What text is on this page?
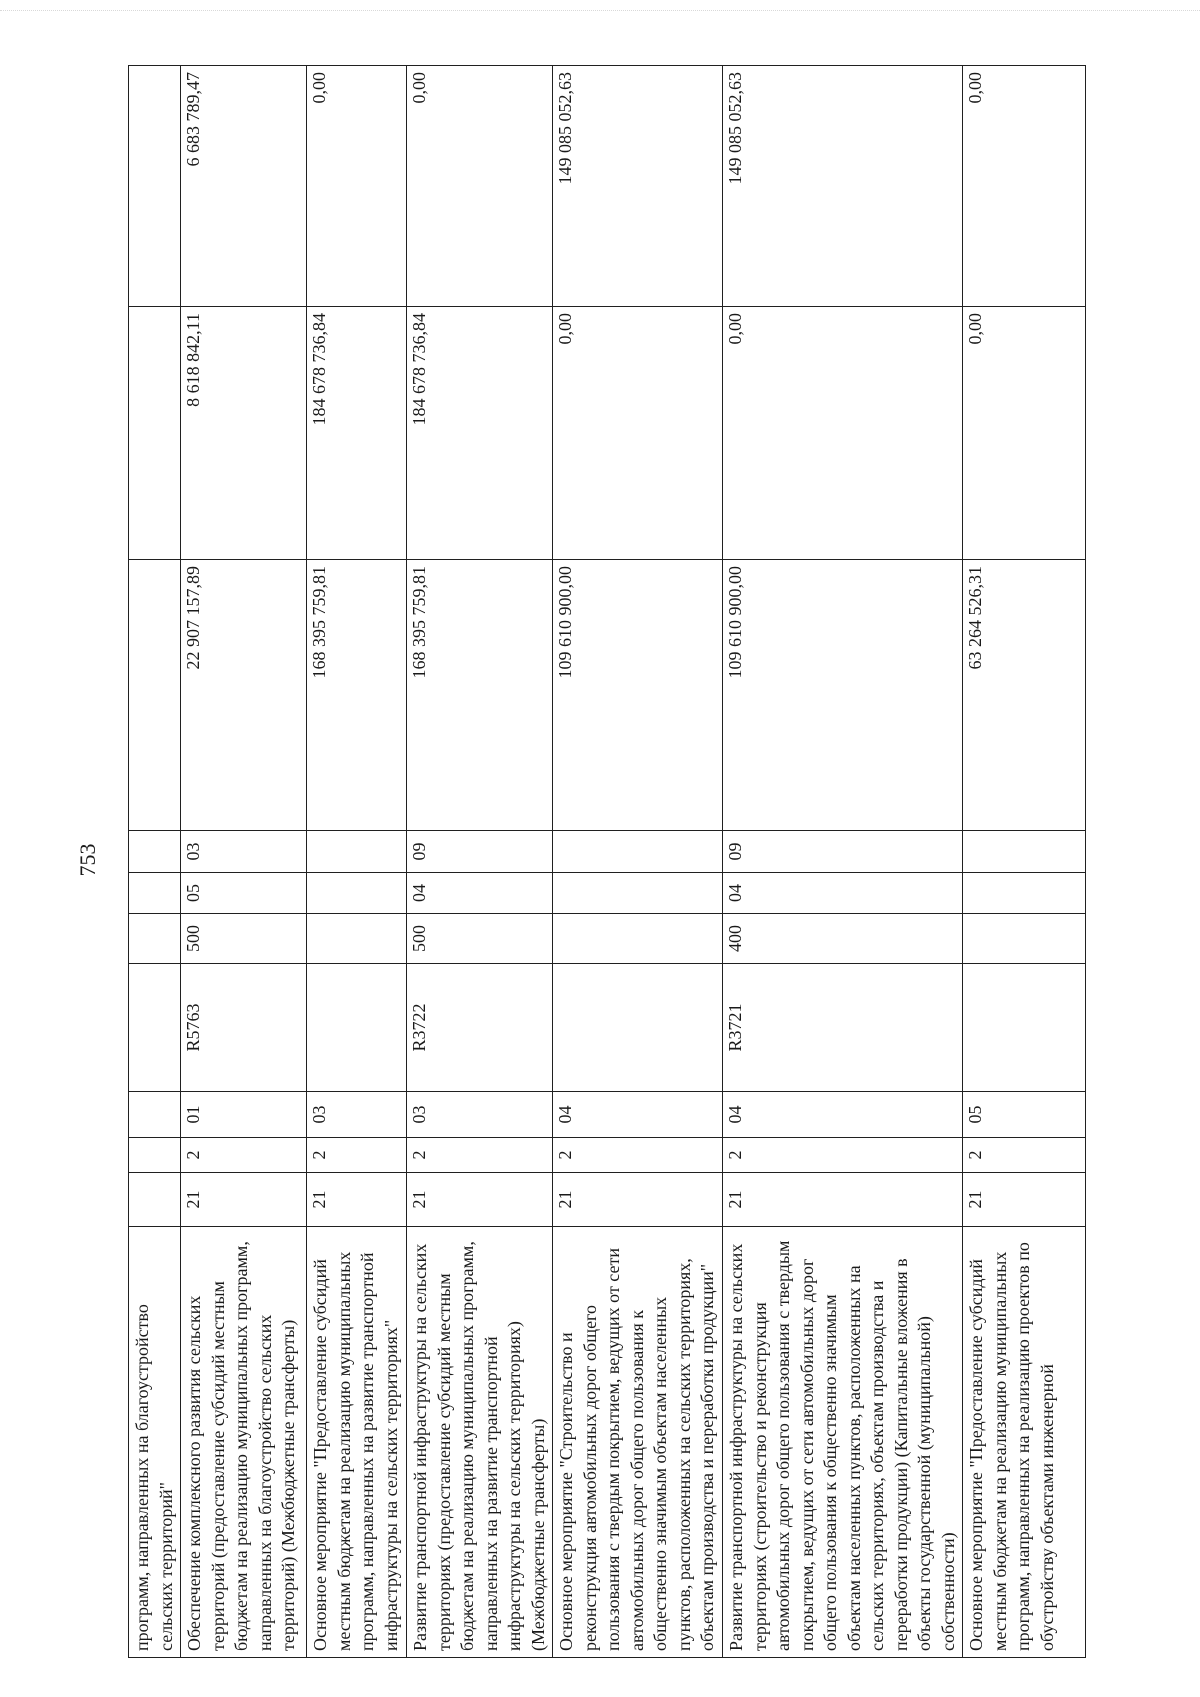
753
программ, направленных на благоустройство сельских территорий"										
Обеспечение комплексного развития сельских территорий (предоставление субсидий местным бюджетам на реализацию муниципальных программ, направленных на благоустройство сельских территорий) (Межбюджетные трансферты)	21	2	01	R5763	500	05	03	22 907 157,89	8 618 842,11	6 683 789,47
Основное мероприятие "Предоставление субсидий местным бюджетам на реализацию муниципальных программ, направленных на развитие транспортной инфраструктуры на сельских территориях"	21	2	03					168 395 759,81	184 678 736,84	0,00
Развитие транспортной инфраструктуры на сельских территориях (предоставление субсидий местным бюджетам на реализацию муниципальных программ, направленных на развитие транспортной инфраструктуры на сельских территориях) (Межбюджетные трансферты)	21	2	03	R3722	500	04	09	168 395 759,81	184 678 736,84	0,00
Основное мероприятие "Строительство и реконструкция автомобильных дорог общего пользования с твердым покрытием, ведущих от сети автомобильных дорог общего пользования к общественно значимым объектам населенных пунктов, расположенных на сельских территориях, объектам производства и переработки продукции"	21	2	04					109 610 900,00	0,00	149 085 052,63
Развитие транспортной инфраструктуры на сельских территориях (строительство и реконструкция автомобильных дорог общего пользования с твердым покрытием, ведущих от сети автомобильных дорог общего пользования к общественно значимым объектам населенных пунктов, расположенных на сельских территориях, объектам производства и переработки продукции) (Капитальные вложения в объекты государственной (муниципальной) собственности)	21	2	04	R3721	400	04	09	109 610 900,00	0,00	149 085 052,63
Основное мероприятие "Предоставление субсидий местным бюджетам на реализацию муниципальных программ, направленных на реализацию проектов по обустройству объектами инженерной	21	2	05					63 264 526,31	0,00	0,00
